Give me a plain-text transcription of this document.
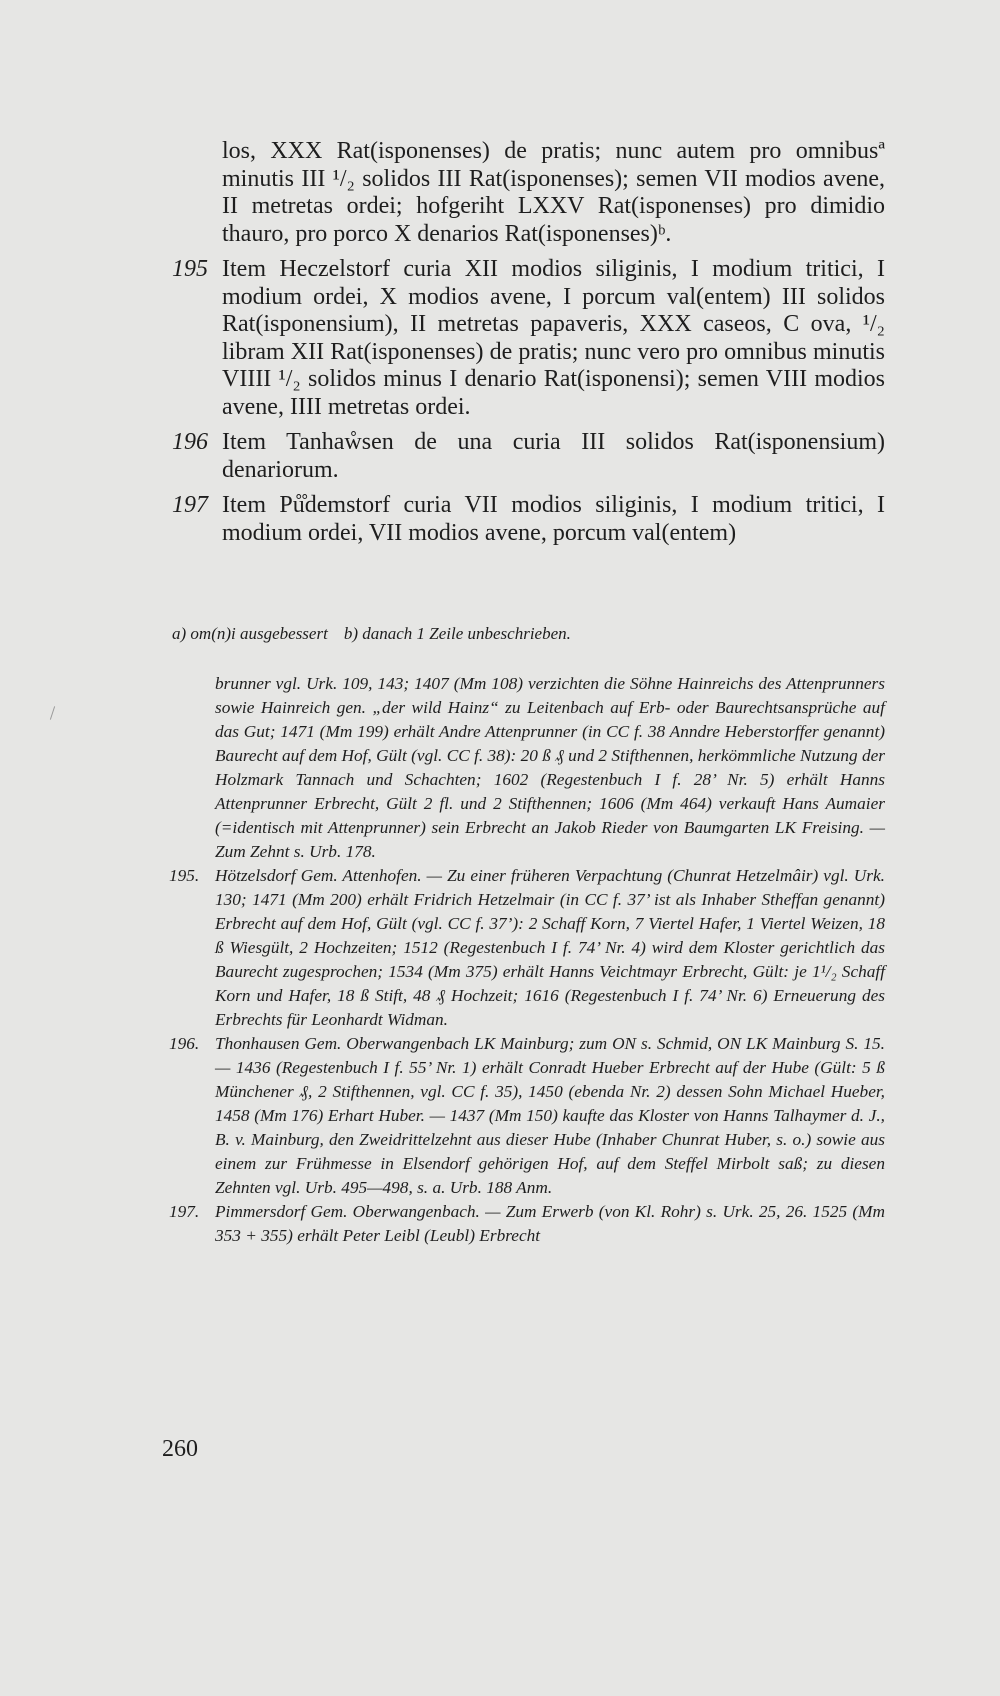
los, XXX Rat(isponenses) de pratis; nunc autem pro omnibusª minutis III ¹/₂ solidos III Rat(isponenses); semen VII modios avene, II metretas ordei; hofgeriht LXXV Rat(isponenses) pro dimidio thauro, pro porco X denarios Rat(isponenses)ᵇ.

195 Item Heczelstorf curia XII modios siliginis, I modium tritici, I modium ordei, X modios avene, I porcum val(entem) III solidos Rat(isponensium), II metretas papaveris, XXX caseos, C ova, ¹/₂ libram XII Rat(isponenses) de pratis; nunc vero pro omnibus minutis VIIII ¹/₂ solidos minus I denario Rat(isponensi); semen VIII modios avene, IIII metretas ordei.

196 Item Tanhaẘsen de una curia III solidos Rat(isponensium) denariorum.

197 Item Pů̊demstorf curia VII modios siliginis, I modium tritici, I modium ordei, VII modios avene, porcum val(entem)

a) om(n)i ausgebessert b) danach 1 Zeile unbeschrieben.

brunner vgl. Urk. 109, 143; 1407 (Mm 108) verzichten die Söhne Hainreichs des Attenprunners sowie Hainreich gen. „der wild Hainz“ zu Leitenbach auf Erb- oder Baurechtsansprüche auf das Gut; 1471 (Mm 199) erhält Andre Attenprunner (in CC f. 38 Anndre Heberstorffer genannt) Baurecht auf dem Hof, Gült (vgl. CC f. 38): 20 ß ₰ und 2 Stifthennen, herkömmliche Nutzung der Holzmark Tannach und Schachten; 1602 (Regestenbuch I f. 28’ Nr. 5) erhält Hanns Attenprunner Erbrecht, Gült 2 fl. und 2 Stifthennen; 1606 (Mm 464) verkauft Hans Aumaier (=identisch mit Attenprunner) sein Erbrecht an Jakob Rieder von Baumgarten LK Freising. — Zum Zehnt s. Urb. 178.

195. Hötzelsdorf Gem. Attenhofen. — Zu einer früheren Verpachtung (Chunrat Hetzelmâir) vgl. Urk. 130; 1471 (Mm 200) erhält Fridrich Hetzelmair (in CC f. 37’ ist als Inhaber Stheffan genannt) Erbrecht auf dem Hof, Gült (vgl. CC f. 37’): 2 Schaff Korn, 7 Viertel Hafer, 1 Viertel Weizen, 18 ß Wiesgült, 2 Hochzeiten; 1512 (Regestenbuch I f. 74’ Nr. 4) wird dem Kloster gerichtlich das Baurecht zugesprochen; 1534 (Mm 375) erhält Hanns Veichtmayr Erbrecht, Gült: je 1¹/₂ Schaff Korn und Hafer, 18 ß Stift, 48 ₰ Hochzeit; 1616 (Regestenbuch I f. 74’ Nr. 6) Erneuerung des Erbrechts für Leonhardt Widman.

196. Thonhausen Gem. Oberwangenbach LK Mainburg; zum ON s. Schmid, ON LK Mainburg S. 15. — 1436 (Regestenbuch I f. 55’ Nr. 1) erhält Conradt Hueber Erbrecht auf der Hube (Gült: 5 ß Münchener ₰, 2 Stifthennen, vgl. CC f. 35), 1450 (ebenda Nr. 2) dessen Sohn Michael Hueber, 1458 (Mm 176) Erhart Huber. — 1437 (Mm 150) kaufte das Kloster von Hanns Talhaymer d. J., B. v. Mainburg, den Zweidrittelzehnt aus dieser Hube (Inhaber Chunrat Huber, s. o.) sowie aus einem zur Frühmesse in Elsendorf gehörigen Hof, auf dem Steffel Mirbolt saß; zu diesen Zehnten vgl. Urb. 495—498, s. a. Urb. 188 Anm.

197. Pimmersdorf Gem. Oberwangenbach. — Zum Erwerb (von Kl. Rohr) s. Urk. 25, 26. 1525 (Mm 353 + 355) erhält Peter Leibl (Leubl) Erbrecht

260
